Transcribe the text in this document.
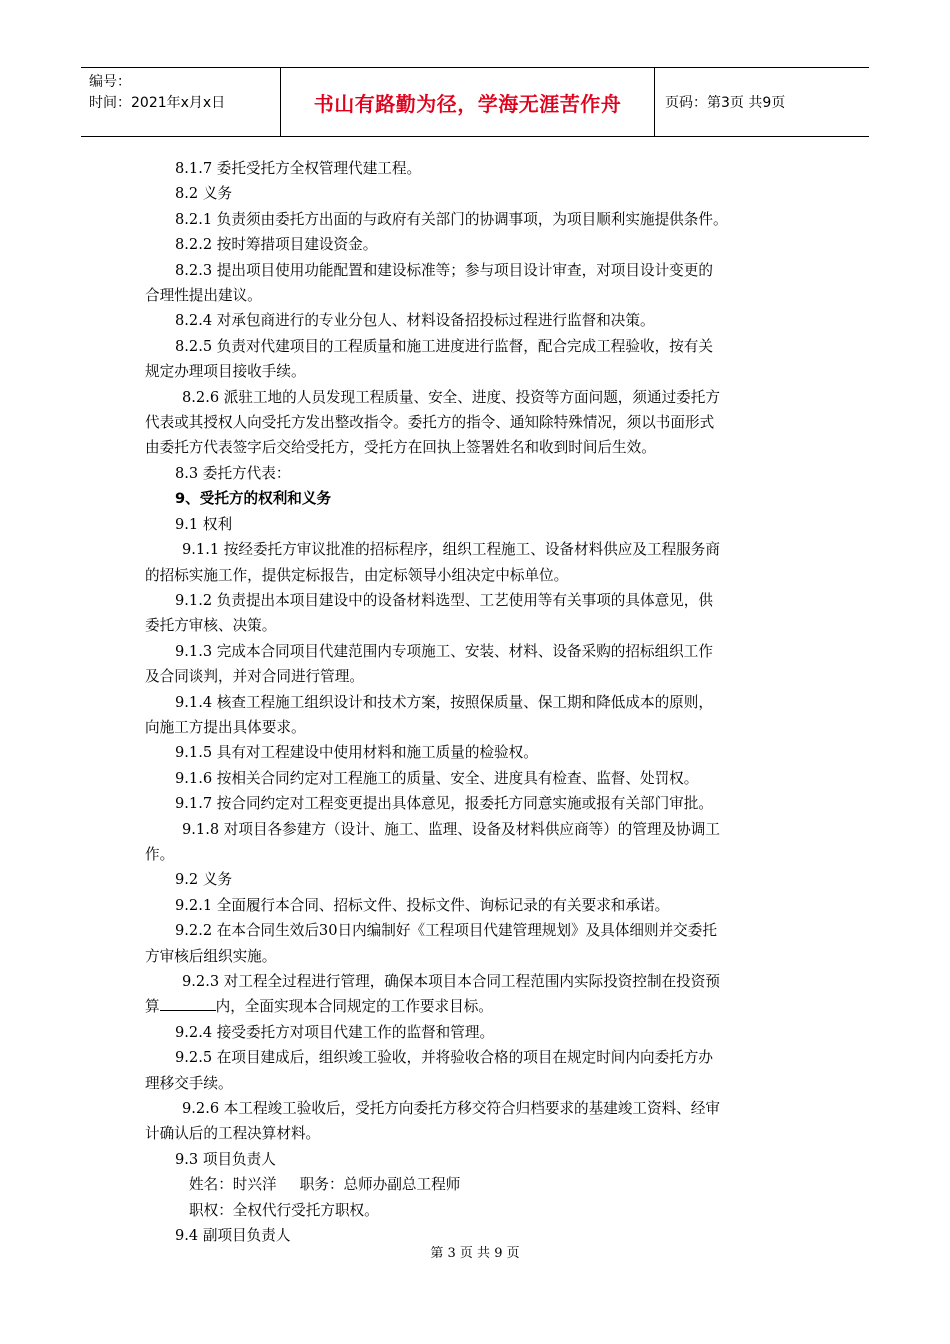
编号：
时间：2021年x月x日	书山有路勤为径，学海无涯苦作舟	页码：第3页 共9页
8.1.7 委托受托方全权管理代建工程。
8.2 义务
8.2.1 负责须由委托方出面的与政府有关部门的协调事项，为项目顺利实施提供条件。
8.2.2 按时筹措项目建设资金。
8.2.3 提出项目使用功能配置和建设标准等；参与项目设计审查，对项目设计变更的
合理性提出建议。
8.2.4 对承包商进行的专业分包人、材料设备招投标过程进行监督和决策。
8.2.5 负责对代建项目的工程质量和施工进度进行监督，配合完成工程验收，按有关
规定办理项目接收手续。
8.2.6 派驻工地的人员发现工程质量、安全、进度、投资等方面问题，须通过委托方
代表或其授权人向受托方发出整改指令。委托方的指令、通知除特殊情况，须以书面形式
由委托方代表签字后交给受托方，受托方在回执上签署姓名和收到时间后生效。
8.3 委托方代表：
9、受托方的权利和义务
9.1 权利
9.1.1 按经委托方审议批准的招标程序，组织工程施工、设备材料供应及工程服务商
的招标实施工作，提供定标报告，由定标领导小组决定中标单位。
9.1.2 负责提出本项目建设中的设备材料选型、工艺使用等有关事项的具体意见，供
委托方审核、决策。
9.1.3 完成本合同项目代建范围内专项施工、安装、材料、设备采购的招标组织工作
及合同谈判，并对合同进行管理。
9.1.4 核查工程施工组织设计和技术方案，按照保质量、保工期和降低成本的原则，
向施工方提出具体要求。
9.1.5 具有对工程建设中使用材料和施工质量的检验权。
9.1.6 按相关合同约定对工程施工的质量、安全、进度具有检查、监督、处罚权。
9.1.7 按合同约定对工程变更提出具体意见，报委托方同意实施或报有关部门审批。
9.1.8 对项目各参建方（设计、施工、监理、设备及材料供应商等）的管理及协调工
作。
9.2 义务
9.2.1 全面履行本合同、招标文件、投标文件、询标记录的有关要求和承诺。
9.2.2 在本合同生效后30日内编制好《工程项目代建管理规划》及具体细则并交委托
方审核后组织实施。
9.2.3 对工程全过程进行管理，确保本项目本合同工程范围内实际投资控制在投资预
算	内，全面实现本合同规定的工作要求目标。
9.2.4 接受委托方对项目代建工作的监督和管理。
9.2.5 在项目建成后，组织竣工验收，并将验收合格的项目在规定时间内向委托方办
理移交手续。
9.2.6 本工程竣工验收后，受托方向委托方移交符合归档要求的基建竣工资料、经审
计确认后的工程决算材料。
9.3 项目负责人
姓名：时兴洋     职务：总师办副总工程师
职权：全权代行受托方职权。
9.4 副项目负责人
第 3 页 共 9 页
